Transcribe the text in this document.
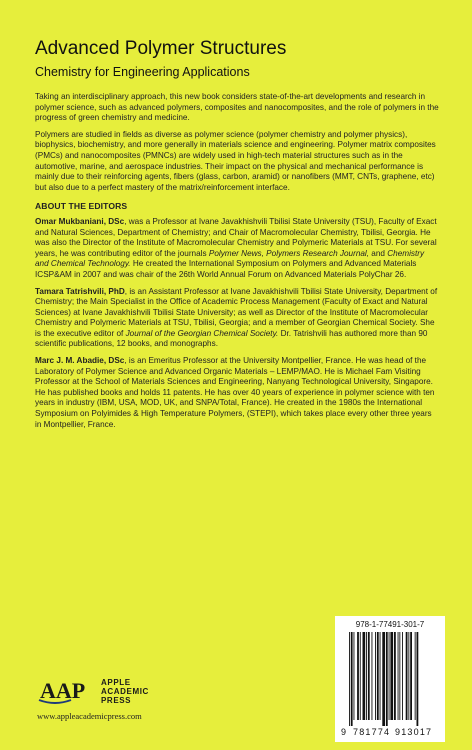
Advanced Polymer Structures
Chemistry for Engineering Applications

Taking an interdisciplinary approach, this new book considers state-of-the-art developments and research in polymer science, such as advanced polymers, composites and nanocomposites, and the role of polymers in the progress of green chemistry and medicine.

Polymers are studied in fields as diverse as polymer science (polymer chemistry and polymer physics), biophysics, biochemistry, and more generally in materials science and engineering. Polymer matrix composites (PMCs) and nanocomposites (PMNCs) are widely used in high-tech material structures such as in the automotive, marine, and aerospace industries. Their impact on the physical and mechanical performance is mainly due to their reinforcing agents, fibers (glass, carbon, aramid) or nanofibers (MMT, CNTs, graphene, etc) but also due to a perfect mastery of the matrix/reinforcement interface.

ABOUT THE EDITORS

Omar Mukbaniani, DSc, was a Professor at Ivane Javakhishvili Tbilisi State University (TSU), Faculty of Exact and Natural Sciences, Department of Chemistry; and Chair of Macromolecular Chemistry, Tbilisi, Georgia. He was also the Director of the Institute of Macromolecular Chemistry and Polymeric Materials at TSU. For several years, he was contributing editor of the journals Polymer News, Polymers Research Journal, and Chemistry and Chemical Technology. He created the International Symposium on Polymers and Advanced Materials ICSP&AM in 2007 and was chair of the 26th World Annual Forum on Advanced Materials PolyChar 26.

Tamara Tatrishvili, PhD, is an Assistant Professor at Ivane Javakhishvili Tbilisi State University, Department of Chemistry; the Main Specialist in the Office of Academic Process Management (Faculty of Exact and Natural Sciences) at Ivane Javakhishvili Tbilisi State University; as well as Director of the Institute of Macromolecular Chemistry and Polymeric Materials at TSU, Tbilisi, Georgia; and a member of Georgian Chemical Society. She is the executive editor of Journal of the Georgian Chemical Society. Dr. Tatrishvili has authored more than 90 scientific publications, 12 books, and monographs.

Marc J. M. Abadie, DSc, is an Emeritus Professor at the University Montpellier, France. He was head of the Laboratory of Polymer Science and Advanced Organic Materials – LEMP/MAO. He is Michael Fam Visiting Professor at the School of Materials Sciences and Engineering, Nanyang Technological University, Singapore. He has published books and holds 11 patents. He has over 40 years of experience in polymer science with ten years in industry (IBM, USA, MOD, UK, and SNPA/Total, France). He created in the 1980s the International Symposium on Polyimides & High Temperature Polymers, (STEPI), which takes place every other three years in Montpellier, France.

AAP APPLE
ACADEMIC
PRESS
www.appleacademicpress.com
978-1-77491-301-7
9 781774 913017
